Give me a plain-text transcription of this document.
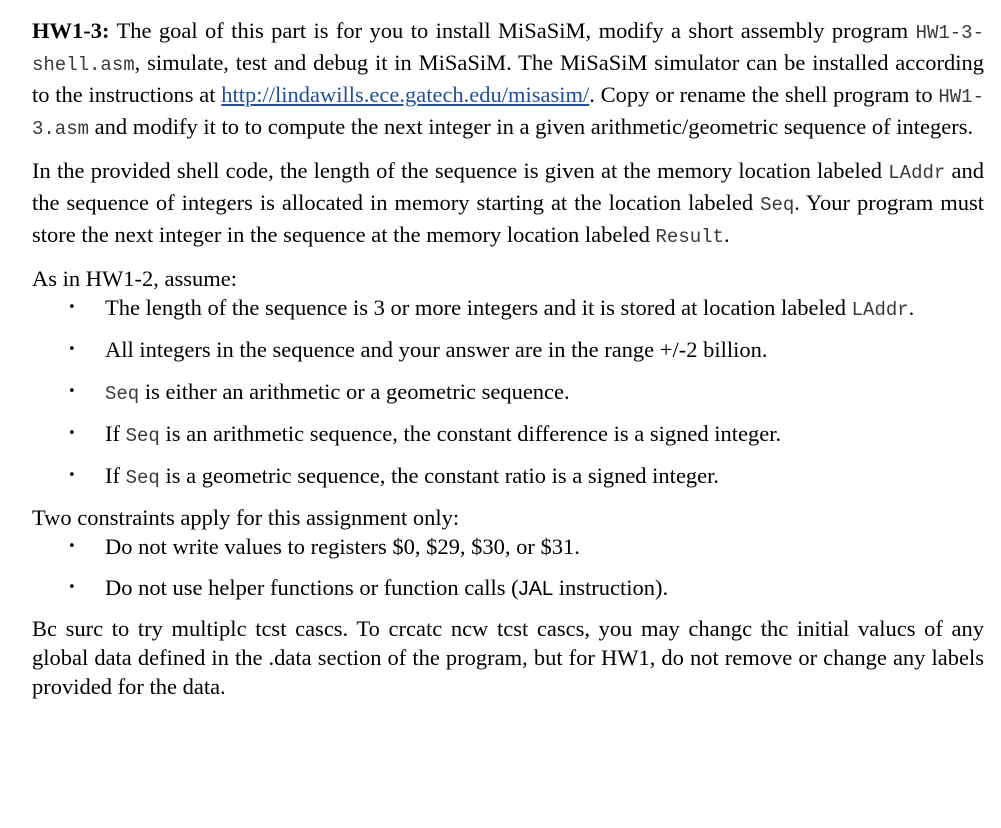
HW1-3: The goal of this part is for you to install MiSaSiM, modify a short assembly program HW1-3-shell.asm, simulate, test and debug it in MiSaSiM. The MiSaSiM simulator can be installed according to the instructions at http://lindawills.ece.gatech.edu/misasim/. Copy or rename the shell program to HW1-3.asm and modify it to to compute the next integer in a given arithmetic/geometric sequence of integers.

In the provided shell code, the length of the sequence is given at the memory location labeled LAddr and the sequence of integers is allocated in memory starting at the location labeled Seq. Your program must store the next integer in the sequence at the memory location labeled Result.

As in HW1-2, assume:

• The length of the sequence is 3 or more integers and it is stored at location labeled LAddr.
• All integers in the sequence and your answer are in the range +/-2 billion.
• Seq is either an arithmetic or a geometric sequence.
• If Seq is an arithmetic sequence, the constant difference is a signed integer.
• If Seq is a geometric sequence, the constant ratio is a signed integer.

Two constraints apply for this assignment only:

• Do not write values to registers $0, $29, $30, or $31.
• Do not use helper functions or function calls (JAL instruction).

Bc surc to try multiplc tcst cascs. To crcatc ncw tcst cascs, you may changc thc initial valucs of any global data defined in the .data section of the program, but for HW1, do not remove or change any labels provided for the data.
